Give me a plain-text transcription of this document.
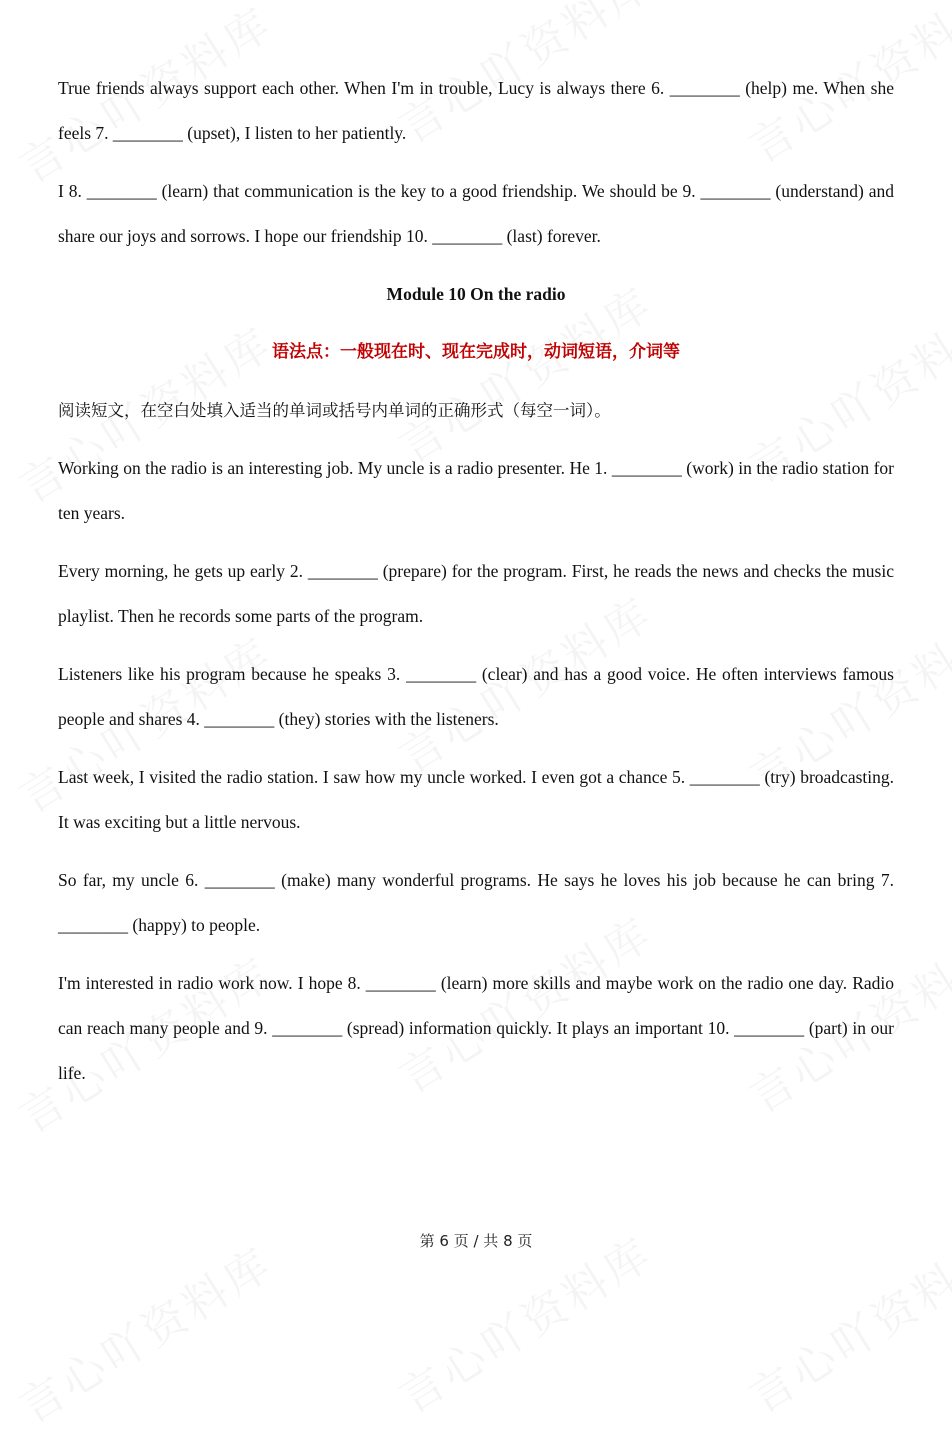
True friends always support each other. When I'm in trouble, Lucy is always there 6. ________ (help) me. When she feels 7. ________ (upset), I listen to her patiently.

I 8. ________ (learn) that communication is the key to a good friendship. We should be 9. ________ (understand) and share our joys and sorrows. I hope our friendship 10. ________ (last) forever.

Module 10 On the radio
语法点：一般现在时、现在完成时，动词短语，介词等
阅读短文，在空白处填入适当的单词或括号内单词的正确形式（每空一词）。

Working on the radio is an interesting job. My uncle is a radio presenter. He 1. ________ (work) in the radio station for ten years.

Every morning, he gets up early 2. ________ (prepare) for the program. First, he reads the news and checks the music playlist. Then he records some parts of the program.

Listeners like his program because he speaks 3. ________ (clear) and has a good voice. He often interviews famous people and shares 4. ________ (they) stories with the listeners.

Last week, I visited the radio station. I saw how my uncle worked. I even got a chance 5. ________ (try) broadcasting. It was exciting but a little nervous.

So far, my uncle 6. ________ (make) many wonderful programs. He says he loves his job because he can bring 7. ________ (happy) to people.

I'm interested in radio work now. I hope 8. ________ (learn) more skills and maybe work on the radio one day. Radio can reach many people and 9. ________ (spread) information quickly. It plays an important 10. ________ (part) in our life.

第 6 页 / 共 8 页
